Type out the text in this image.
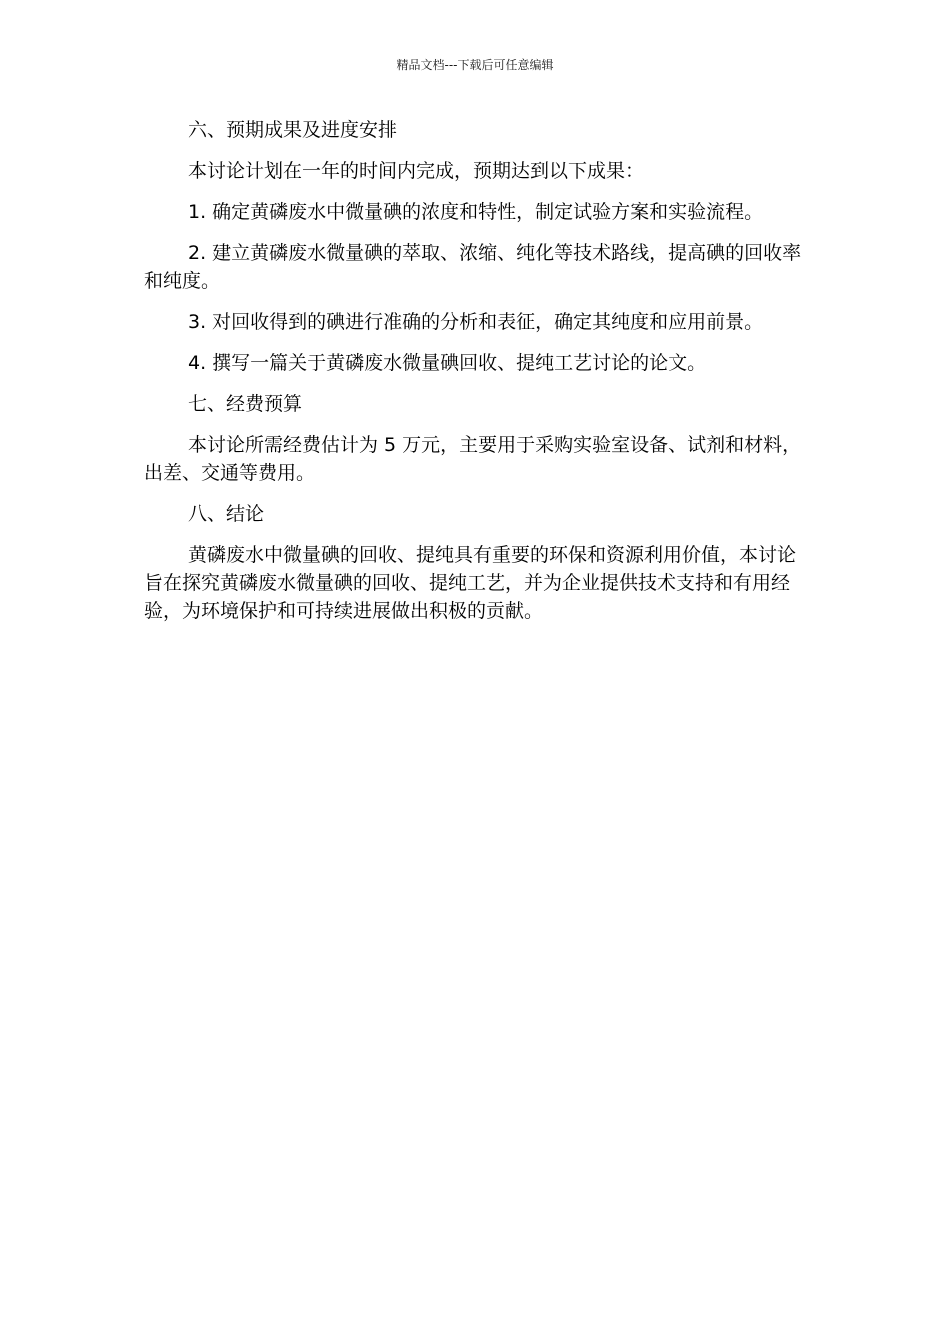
精品文档---下载后可任意编辑

六、预期成果及进度安排

本讨论计划在一年的时间内完成，预期达到以下成果：

1. 确定黄磷废水中微量碘的浓度和特性，制定试验方案和实验流程。

2. 建立黄磷废水微量碘的萃取、浓缩、纯化等技术路线，提高碘的回收率和纯度。

3. 对回收得到的碘进行准确的分析和表征，确定其纯度和应用前景。

4. 撰写一篇关于黄磷废水微量碘回收、提纯工艺讨论的论文。

七、经费预算

本讨论所需经费估计为 5 万元，主要用于采购实验室设备、试剂和材料，出差、交通等费用。

八、结论

黄磷废水中微量碘的回收、提纯具有重要的环保和资源利用价值，本讨论旨在探究黄磷废水微量碘的回收、提纯工艺，并为企业提供技术支持和有用经验，为环境保护和可持续进展做出积极的贡献。
